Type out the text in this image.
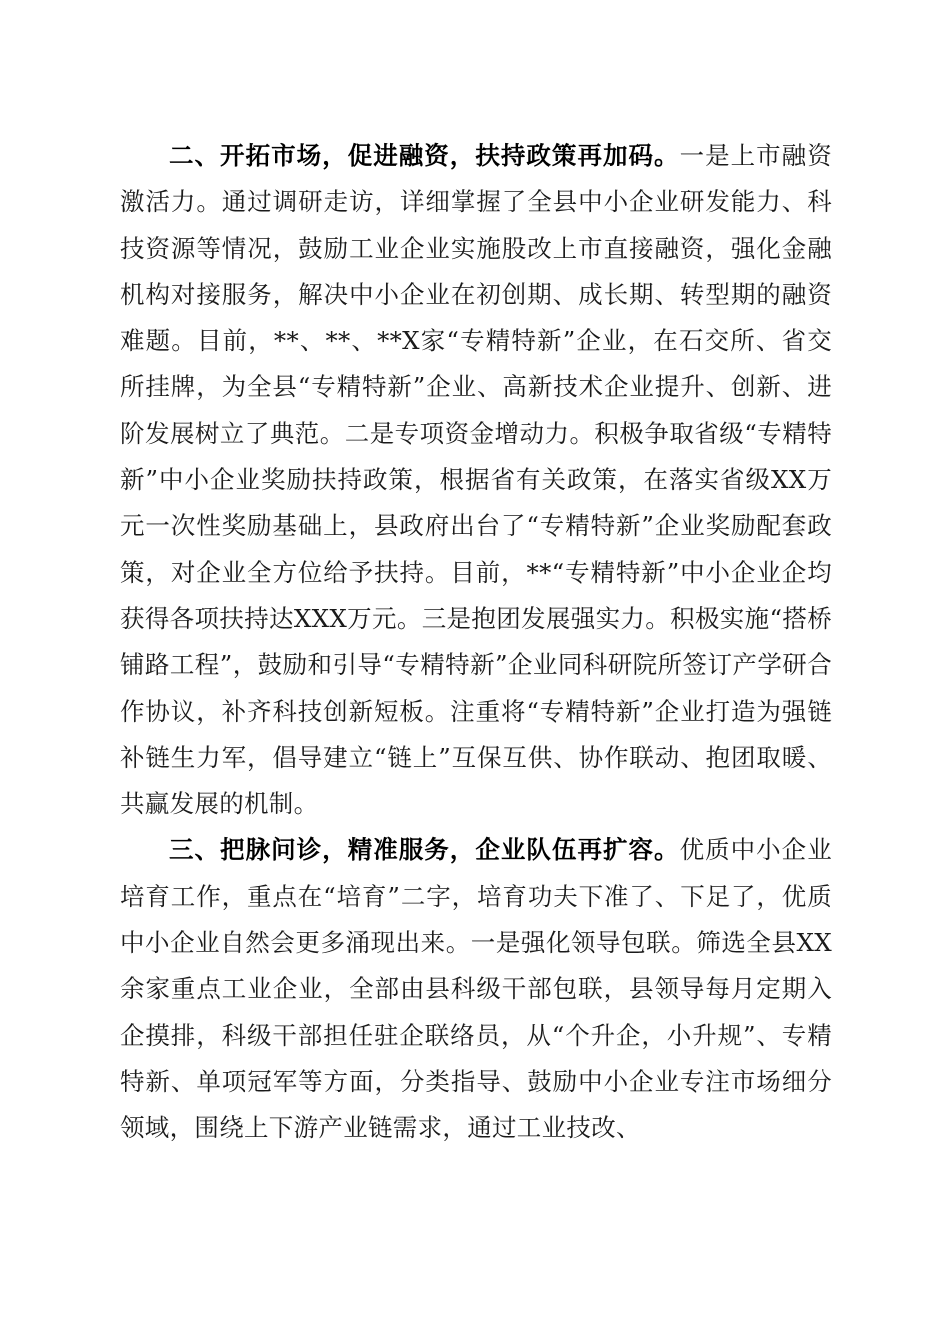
二、开拓市场，促进融资，扶持政策再加码。一是上市融资激活力。通过调研走访，详细掌握了全县中小企业研发能力、科技资源等情况，鼓励工业企业实施股改上市直接融资，强化金融机构对接服务，解决中小企业在初创期、成长期、转型期的融资难题。目前，**、**、**X家“专精特新”企业，在石交所、省交所挂牌，为全县“专精特新”企业、高新技术企业提升、创新、进阶发展树立了典范。二是专项资金增动力。积极争取省级“专精特新”中小企业奖励扶持政策，根据省有关政策，在落实省级XX万元一次性奖励基础上，县政府出台了“专精特新”企业奖励配套政策，对企业全方位给予扶持。目前，**“专精特新”中小企业企均获得各项扶持达XXX万元。三是抱团发展强实力。积极实施“搭桥铺路工程”，鼓励和引导“专精特新”企业同科研院所签订产学研合作协议，补齐科技创新短板。注重将“专精特新”企业打造为强链补链生力军，倡导建立“链上”互保互供、协作联动、抱团取暖、共赢发展的机制。

三、把脉问诊，精准服务，企业队伍再扩容。优质中小企业培育工作，重点在“培育”二字，培育功夫下准了、下足了，优质中小企业自然会更多涌现出来。一是强化领导包联。筛选全县XX余家重点工业企业，全部由县科级干部包联，县领导每月定期入企摸排，科级干部担任驻企联络员，从“个升企，小升规”、专精特新、单项冠军等方面，分类指导、鼓励中小企业专注市场细分领域，围绕上下游产业链需求，通过工业技改、
